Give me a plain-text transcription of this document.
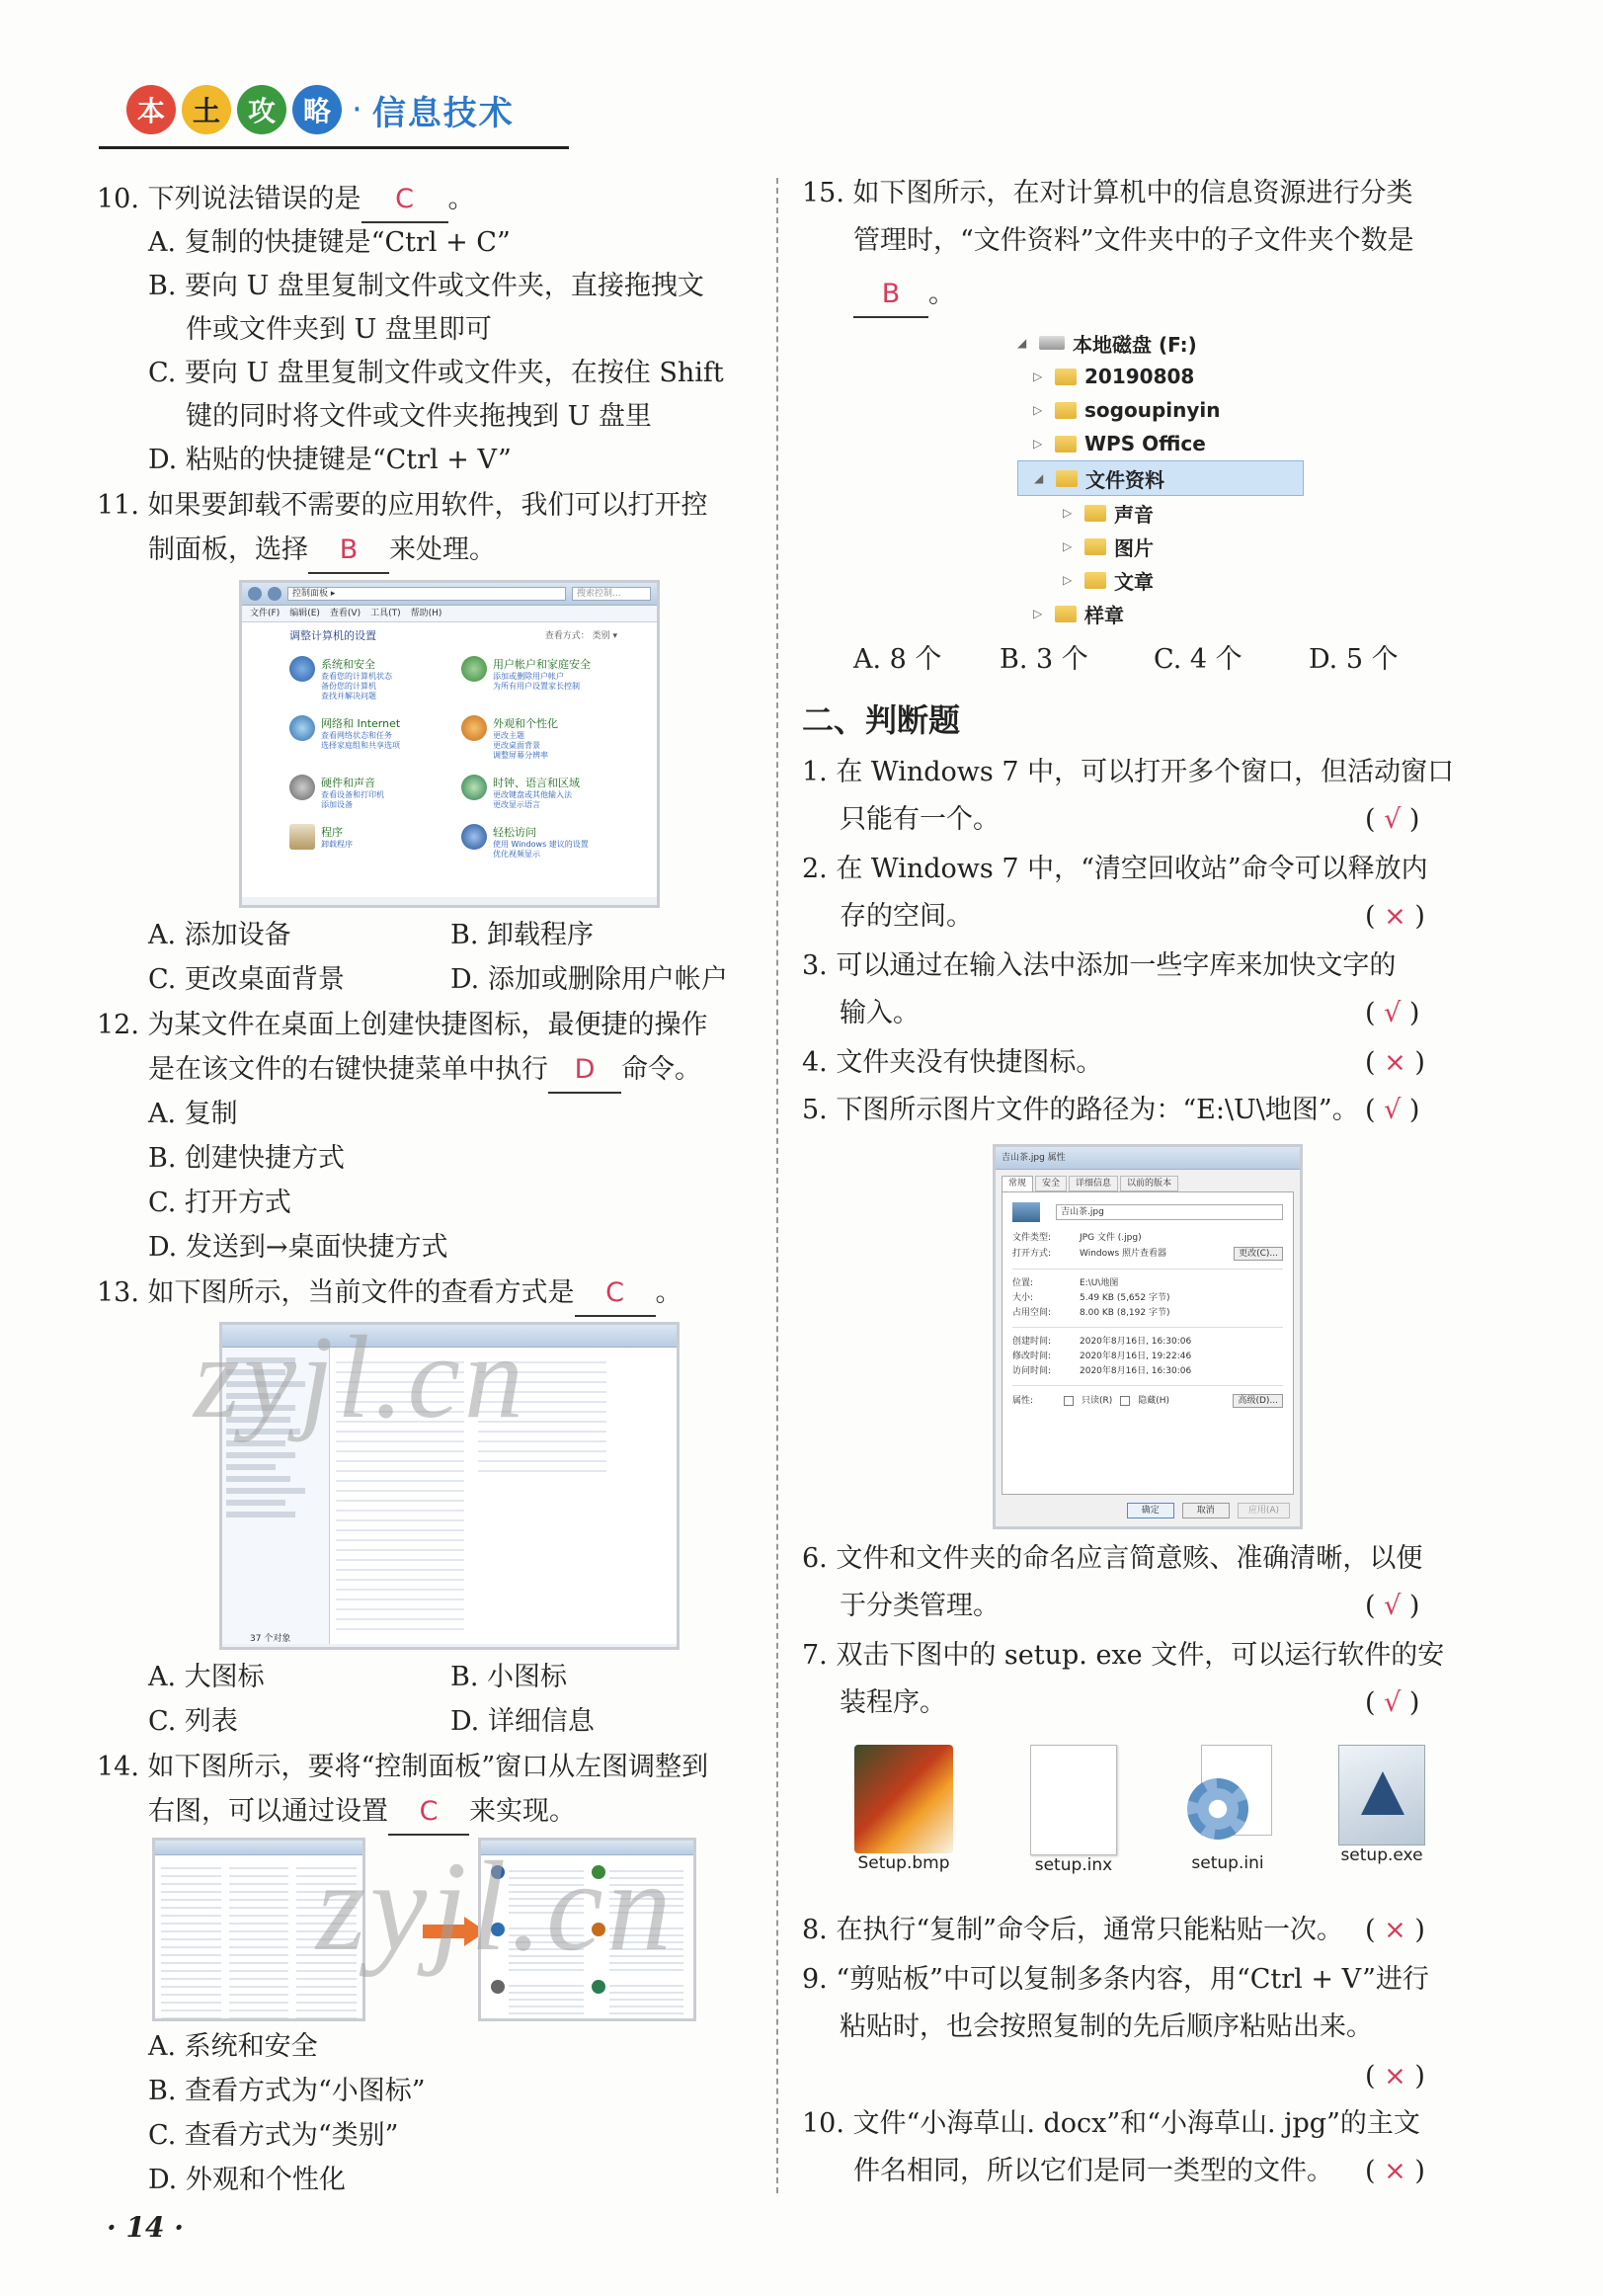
本 土 攻 略 · 信息技术
10. 下列说法错误的是 C 。
A. 复制的快捷键是“Ctrl + C”
B. 要向 U 盘里复制文件或文件夹，直接拖拽文
件或文件夹到 U 盘里即可
C. 要向 U 盘里复制文件或文件夹，在按住 Shift
键的同时将文件或文件夹拖拽到 U 盘里
D. 粘贴的快捷键是“Ctrl + V”
11. 如果要卸载不需要的应用软件，我们可以打开控
制面板，选择 B 来处理。
控制面板 ▸	搜索控制...
文件(F) 编辑(E) 查看(V) 工具(T) 帮助(H)
调整计算机的设置	查看方式： 类别 ▾
系统和安全
查看您的计算机状态
备份您的计算机
查找并解决问题
用户帐户和家庭安全
添加或删除用户帐户
为所有用户设置家长控制
网络和 Internet
查看网络状态和任务
选择家庭组和共享选项
外观和个性化
更改主题
更改桌面背景
调整屏幕分辨率
硬件和声音
查看设备和打印机
添加设备
时钟、语言和区域
更改键盘或其他输入法
更改显示语言
程序
卸载程序
轻松访问
使用 Windows 建议的设置
优化视频显示
A. 添加设备	B. 卸载程序
C. 更改桌面背景	D. 添加或删除用户帐户
12. 为某文件在桌面上创建快捷图标，最便捷的操作
是在该文件的右键快捷菜单中执行 D 命令。
A. 复制
B. 创建快捷方式
C. 打开方式
D. 发送到→桌面快捷方式
13. 如下图所示，当前文件的查看方式是 C 。
37 个对象
zyjl.cn
A. 大图标	B. 小图标
C. 列表	D. 详细信息
14. 如下图所示，要将“控制面板”窗口从左图调整到
右图，可以通过设置 C 来实现。
zyjl.cn
A. 系统和安全
B. 查看方式为“小图标”
C. 查看方式为“类别”
D. 外观和个性化
· 14 ·
15. 如下图所示，在对计算机中的信息资源进行分类
管理时，“文件资料”文件夹中的子文件夹个数是
B 。
◢ 本地磁盘 (F:)
▷ 20190808
▷ sogoupinyin
▷ WPS Office
◢ 文件资料
▷ 声音
▷ 图片
▷ 文章
▷ 样章
A. 8 个 B. 3 个 C. 4 个 D. 5 个
二、判断题
1. 在 Windows 7 中，可以打开多个窗口，但活动窗口
只能有一个。	( √ )
2. 在 Windows 7 中，“清空回收站”命令可以释放内
存的空间。	( × )
3. 可以通过在输入法中添加一些字库来加快文字的
输入。	( √ )
4. 文件夹没有快捷图标。	( × )
5. 下图所示图片文件的路径为：“E:\U\地图”。 ( √ )
吉山茶.jpg 属性
常规	安全	详细信息	以前的版本
吉山茶.jpg
文件类型:	JPG 文件 (.jpg)
打开方式:	Windows 照片查看器	更改(C)...
位置:	E:\U\地图
大小:	5.49 KB (5,652 字节)
占用空间:	8.00 KB (8,192 字节)
创建时间:	2020年8月16日, 16:30:06
修改时间:	2020年8月16日, 19:22:46
访问时间:	2020年8月16日, 16:30:06
属性:	只读(R)	隐藏(H)	高级(D)...
确定	取消	应用(A)
6. 文件和文件夹的命名应言简意赅、准确清晰，以便
于分类管理。	( √ )
7. 双击下图中的 setup. exe 文件，可以运行软件的安
装程序。	( √ )
Setup.bmp	setup.inx	setup.ini	setup.exe
8. 在执行“复制”命令后，通常只能粘贴一次。 ( × )
9. “剪贴板”中可以复制多条内容，用“Ctrl + V”进行
粘贴时，也会按照复制的先后顺序粘贴出来。
( × )
10. 文件“小海草山. docx”和“小海草山. jpg”的主文
件名相同，所以它们是同一类型的文件。 ( × )
